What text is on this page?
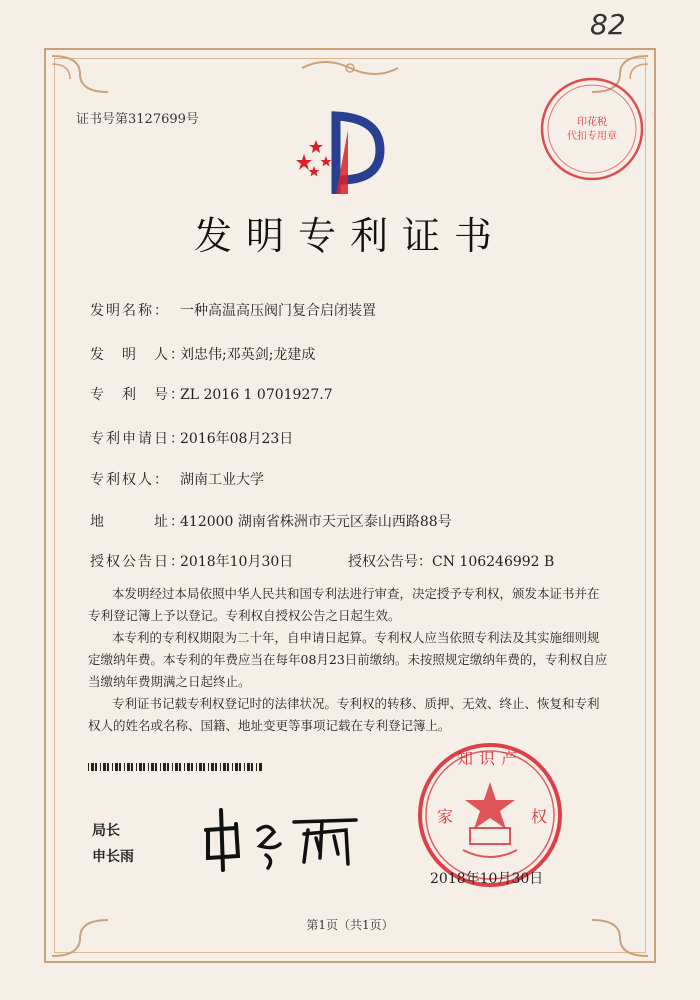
82
证书号第3127699号
发明专利证书
发明名称： 一种高温高压阀门复合启闭装置
发　明　人：刘忠伟;邓英剑;龙建成
专　利　号：ZL 2016 1 0701927.7
专利申请日：2016年08月23日
专利权人： 湖南工业大学
地　　　址：412000 湖南省株洲市天元区泰山西路88号
授权公告日：2018年10月30日	授权公告号：CN 106246992 B
本发明经过本局依照中华人民共和国专利法进行审查，决定授予专利权，颁发本证书并在专利登记簿上予以登记。专利权自授权公告之日起生效。
本专利的专利权期限为二十年，自申请日起算。专利权人应当依照专利法及其实施细则规定缴纳年费。本专利的年费应当在每年08月23日前缴纳。未按照规定缴纳年费的，专利权自应当缴纳年费期满之日起终止。
专利证书记载专利权登记时的法律状况。专利权的转移、质押、无效、终止、恢复和专利权人的姓名或名称、国籍、地址变更等事项记载在专利登记簿上。
局长
申长雨
知识产
家	权
2018年10月30日
印花税
代扣专用章
第1页（共1页）
